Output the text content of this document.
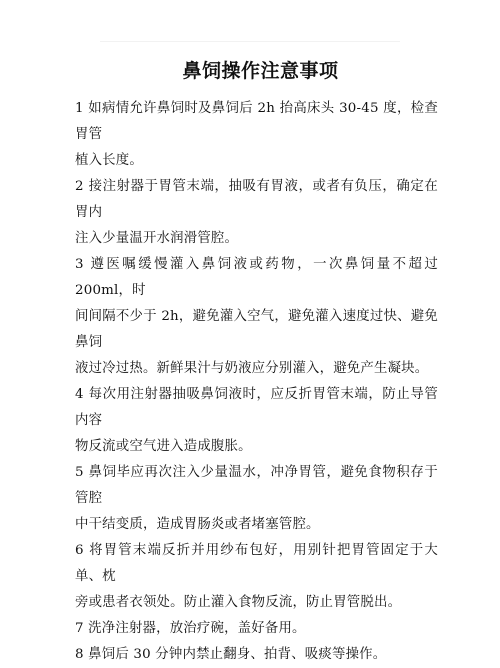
鼻饲操作注意事项

1 如病情允许鼻饲时及鼻饲后 2h 抬高床头 30-45 度，检查胃管
植入长度。

2 接注射器于胃管末端，抽吸有胃液，或者有负压，确定在胃内
注入少量温开水润滑管腔。

3 遵医嘱缓慢灌入鼻饲液或药物，一次鼻饲量不超过 200ml，时
间间隔不少于 2h，避免灌入空气，避免灌入速度过快、避免鼻饲
液过冷过热。新鲜果汁与奶液应分别灌入，避免产生凝块。

4 每次用注射器抽吸鼻饲液时，应反折胃管末端，防止导管内容
物反流或空气进入造成腹胀。

5 鼻饲毕应再次注入少量温水，冲净胃管，避免食物积存于管腔
中干结变质，造成胃肠炎或者堵塞管腔。

6 将胃管末端反折并用纱布包好，用别针把胃管固定于大单、枕
旁或患者衣领处。防止灌入食物反流，防止胃管脱出。

7 洗净注射器，放治疗碗，盖好备用。

8 鼻饲后 30 分钟内禁止翻身、拍背、吸痰等操作。
